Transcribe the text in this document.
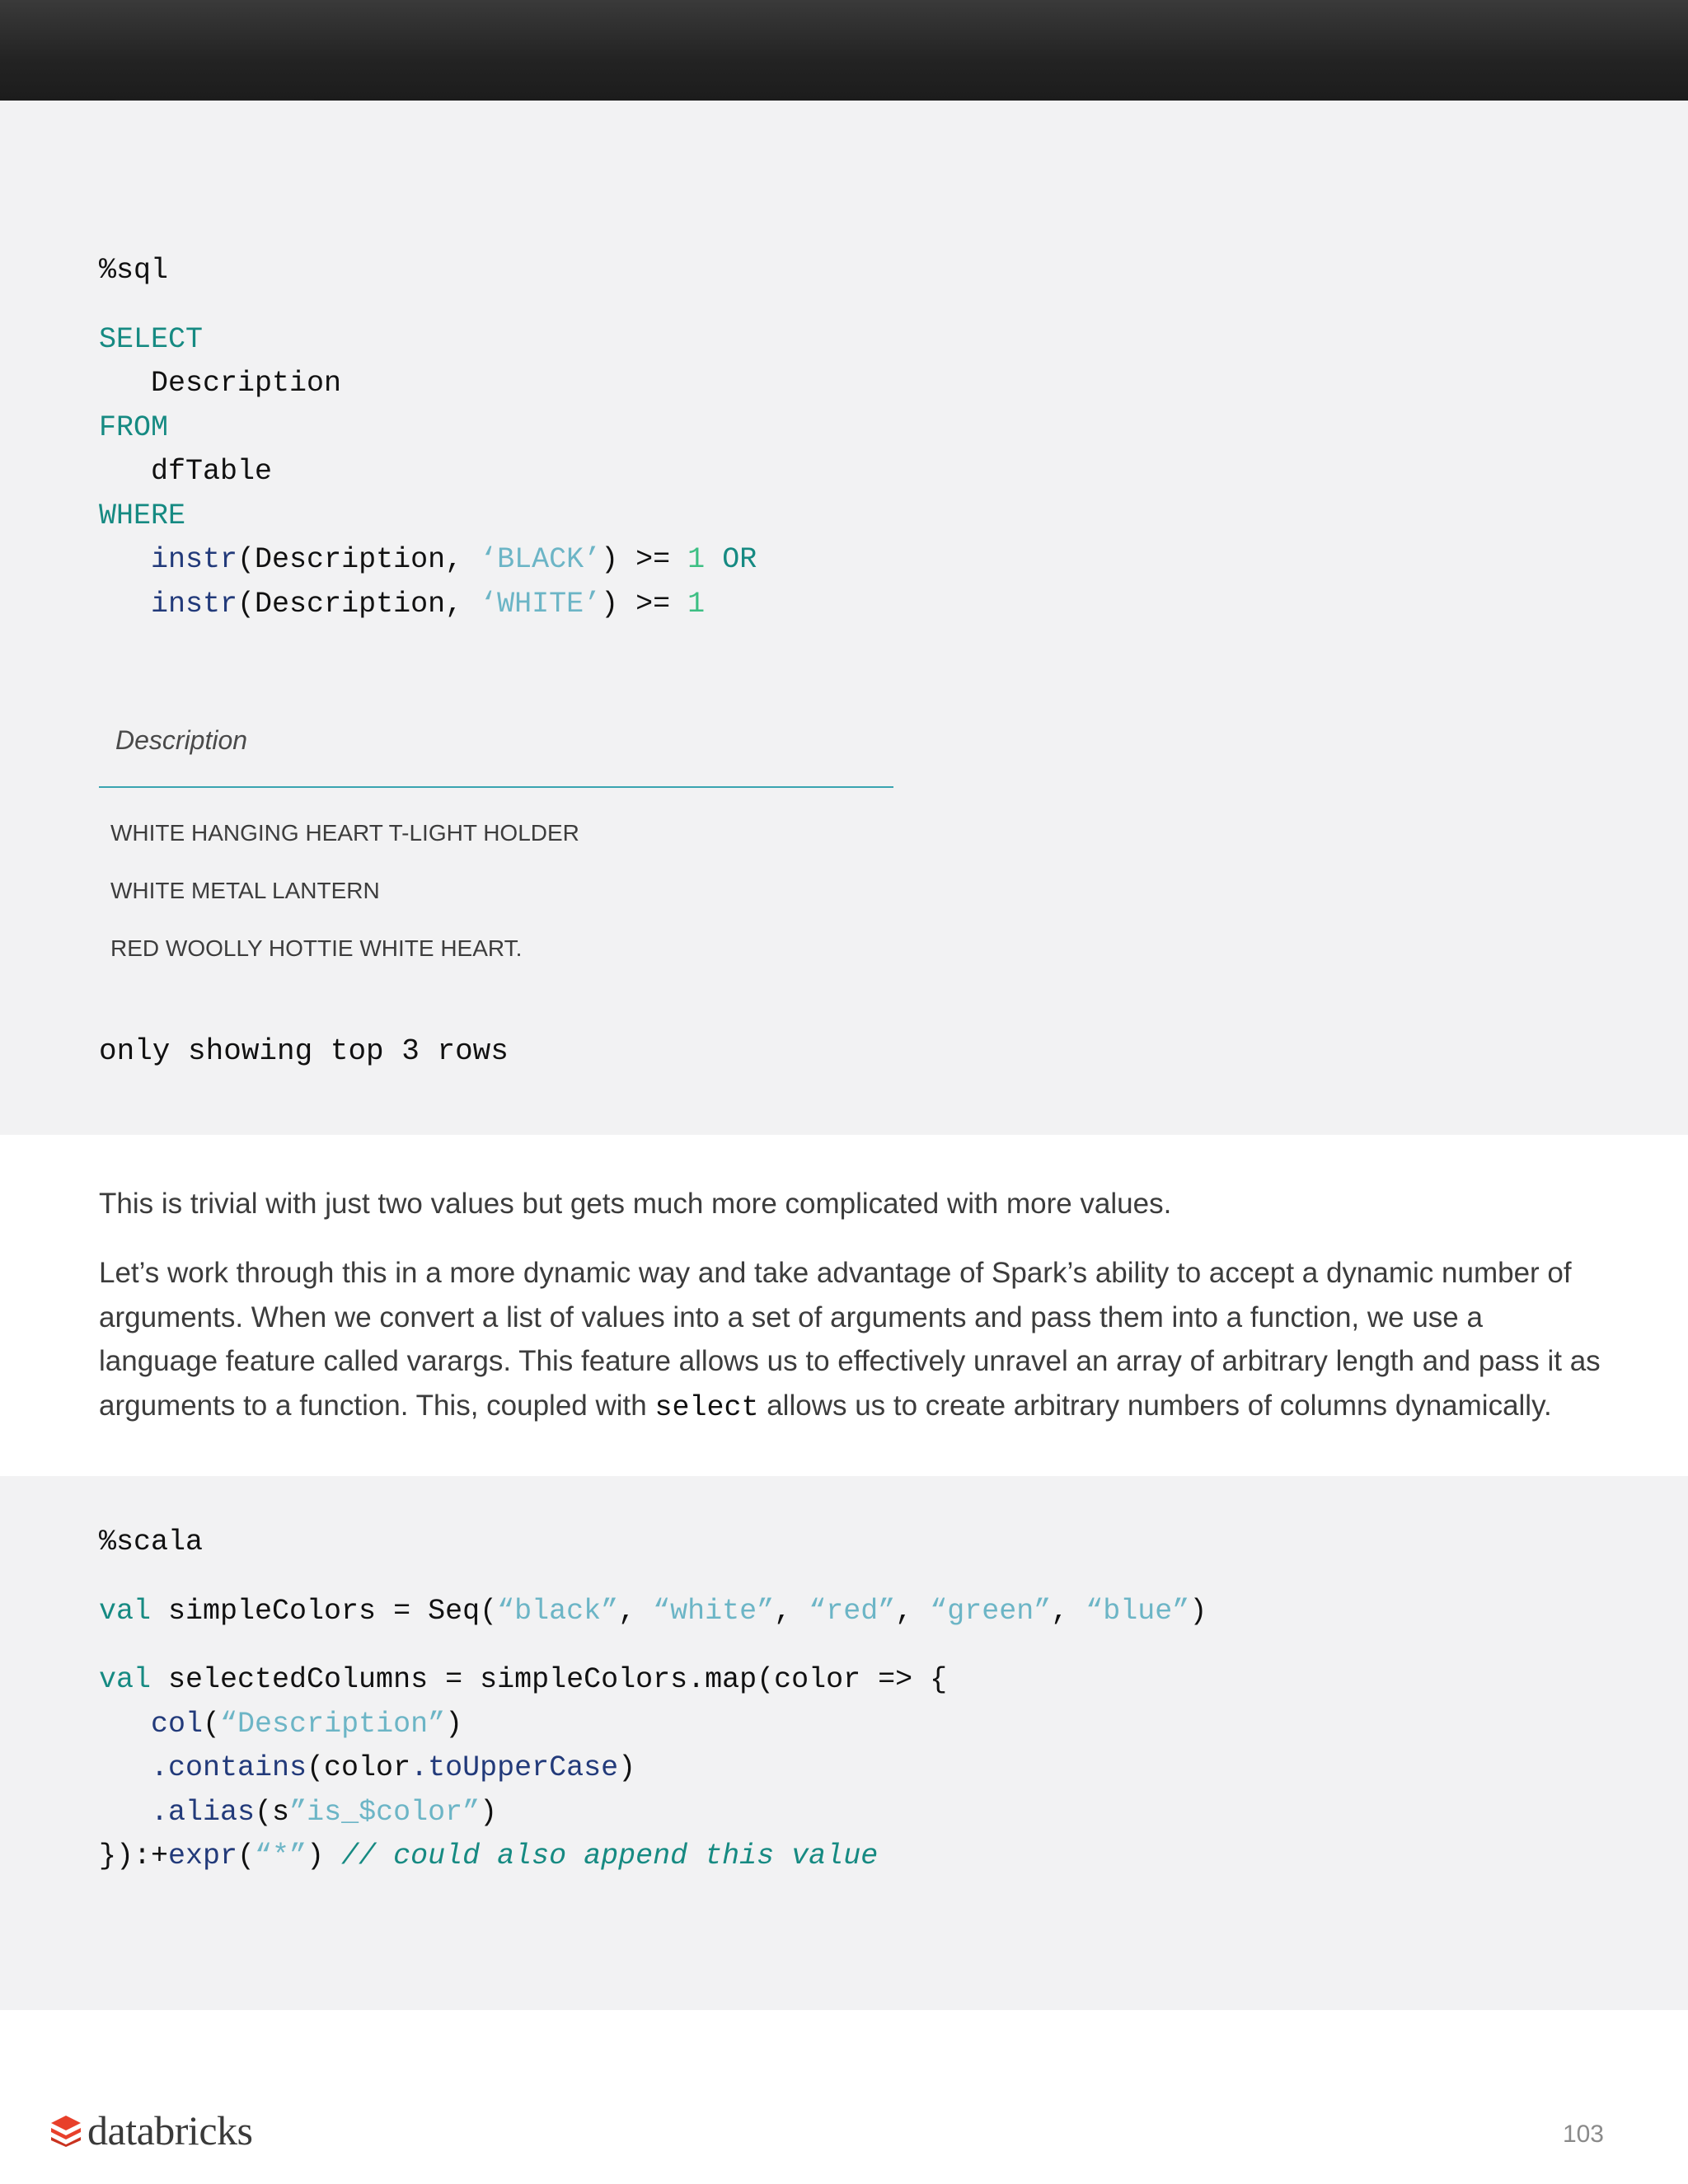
%sql

SELECT
Description
FROM
dfTable
WHERE
instr(Description, ‘BLACK’) >= 1 OR
instr(Description, ‘WHITE’) >= 1
Description
WHITE HANGING HEART T-LIGHT HOLDER
WHITE METAL LANTERN
RED WOOLLY HOTTIE WHITE HEART.
only showing top 3 rows

This is trivial with just two values but gets much more complicated with more values.

Let’s work through this in a more dynamic way and take advantage of Spark’s ability to accept a dynamic number of arguments. When we convert a list of values into a set of arguments and pass them into a function, we use a language feature called varargs. This feature allows us to effectively unravel an array of arbitrary length and pass it as arguments to a function. This, coupled with select allows us to create arbitrary numbers of columns dynamically.

%scala

val simpleColors = Seq(“black”, “white”, “red”, “green”, “blue”)

val selectedColumns = simpleColors.map(color => {
col(“Description”)
.contains(color.toUpperCase)
.alias(s”is_$color”)
}):+expr(“*”) // could also append this value
databricks	103
